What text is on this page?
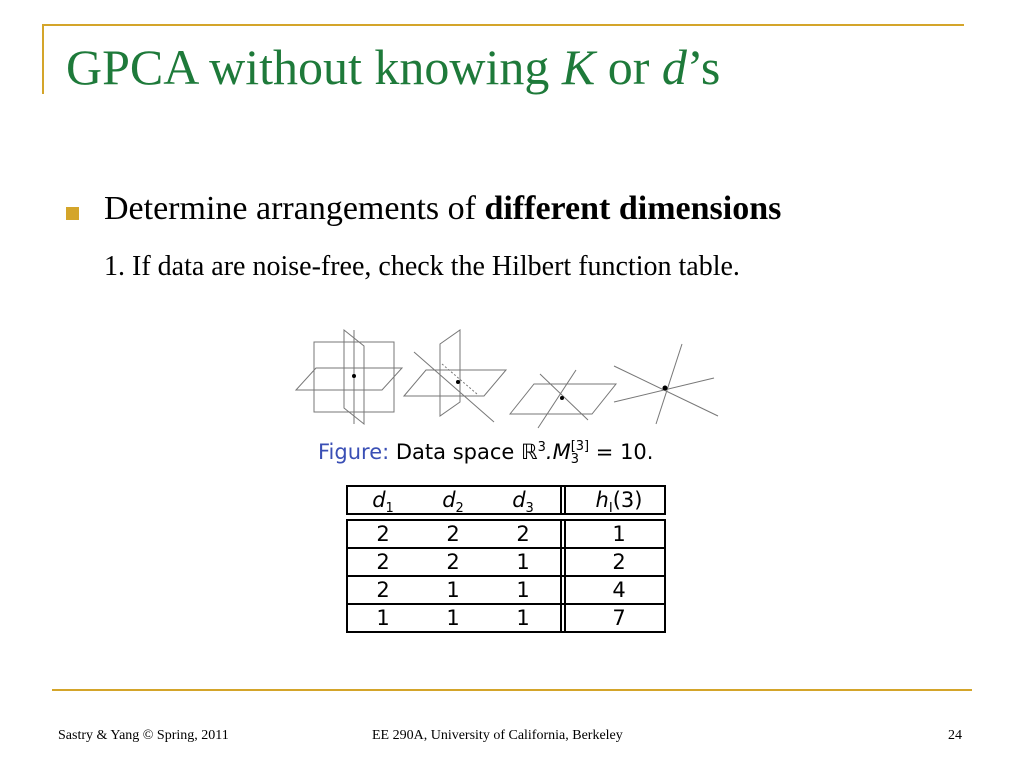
GPCA without knowing K or d’s
Determine arrangements of different dimensions
1. If data are noise-free, check the Hilbert function table.
Figure: Data space ℝ$^3$.M [3]
3 = 10.
$d_1$	$d_2$	$d_3$	$h_I(3)$
2	2	2	1
2	2	1	2
2	1	1	4
1	1	1	7
Sastry & Yang © Spring, 2011	EE 290A, University of California, Berkeley	24
